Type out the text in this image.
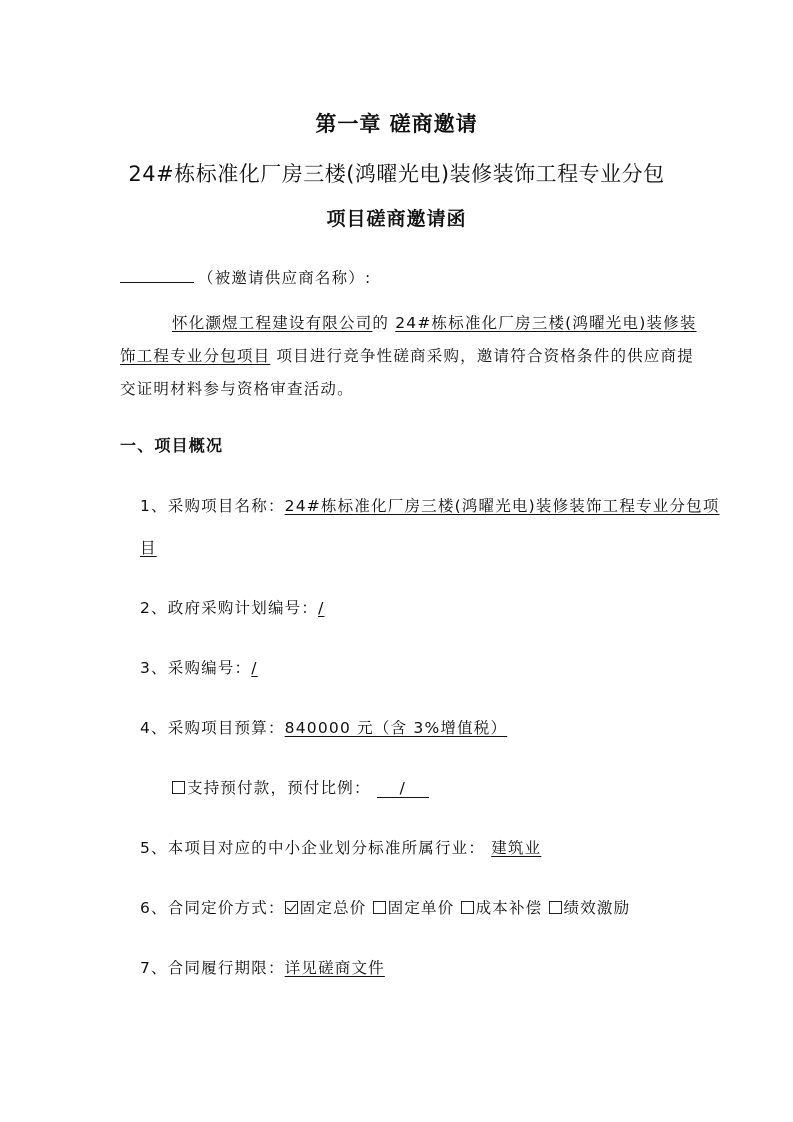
第一章 磋商邀请
24#栋标准化厂房三楼(鸿曜光电)装修装饰工程专业分包
项目磋商邀请函
（被邀请供应商名称）:
怀化灏煜工程建设有限公司的 24#栋标准化厂房三楼(鸿曜光电)装修装
饰工程专业分包项目 项目进行竞争性磋商采购，邀请符合资格条件的供应商提
交证明材料参与资格审查活动。
一、项目概况
1、采购项目名称：24#栋标准化厂房三楼(鸿曜光电)装修装饰工程专业分包项
目
2、政府采购计划编号：/
3、采购编号：/
4、采购项目预算：840000 元（含 3%增值税）
支持预付款，预付比例： /
5、本项目对应的中小企业划分标准所属行业： 建筑业
6、合同定价方式： 固定总价 固定单价 成本补偿 绩效激励
7、合同履行期限：详见磋商文件
